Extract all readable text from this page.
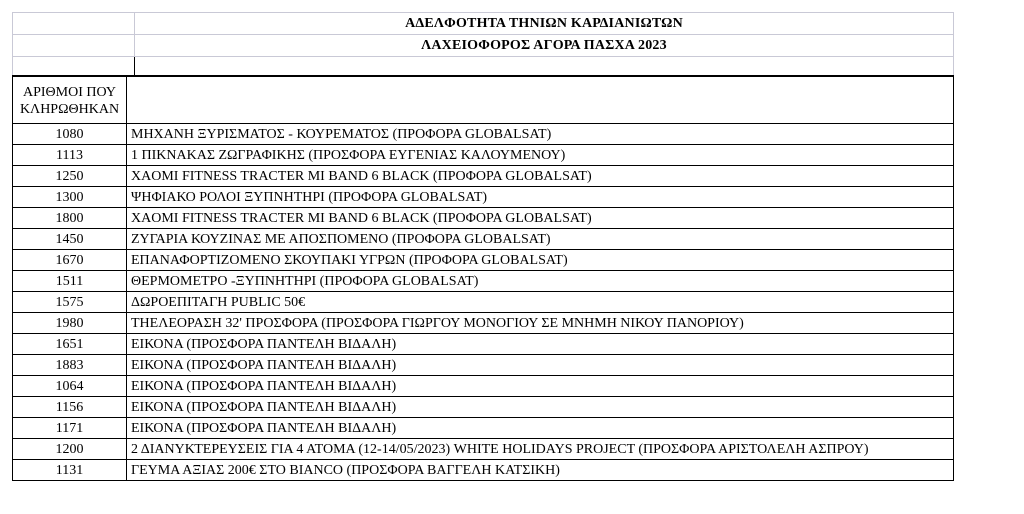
ΑΔΕΛΦΟΤΗΤΑ ΤΗΝΙΩΝ ΚΑΡΔΙΑΝΙΩΤΩΝ
ΛΑΧΕΙΟΦΟΡΟΣ ΑΓΟΡΑ ΠΑΣΧΑ 2023
ΑΡΙΘΜΟΙ ΠΟΥ
ΚΛΗΡΩΘΗΚΑΝ	

1080	ΜΗΧΑΝΗ ΞΥΡΙΣΜΑΤΟΣ - ΚΟΥΡΕΜΑΤΟΣ (ΠΡΟΦΟΡΑ GLOBALSAT)
1113	1 ΠΙΚΝΑΚΑΣ ΖΩΓΡΑΦΙΚΗΣ (ΠΡΟΣΦΟΡΑ ΕΥΓΕΝΙΑΣ ΚΑΛΟΥΜΕΝΟΥ)
1250	XAOMI FITNESS TRACTER MI BAND 6 BLACK (ΠΡΟΦΟΡΑ GLOBALSAT)
1300	ΨΗΦΙΑΚΟ ΡΟΛΟΙ ΞΥΠΝΗΤΗΡΙ (ΠΡΟΦΟΡΑ GLOBALSAT)
1800	XAOMI FITNESS TRACTER MI BAND 6 BLACK (ΠΡΟΦΟΡΑ GLOBALSAT)
1450	ΖΥΓΑΡΙΑ ΚΟΥΖΙΝΑΣ ΜΕ ΑΠΟΣΠΟΜΕΝΟ (ΠΡΟΦΟΡΑ GLOBALSAT)
1670	ΕΠΑΝΑΦΟΡΤΙΖΟΜΕΝΟ ΣΚΟΥΠΑΚΙ ΥΓΡΩΝ (ΠΡΟΦΟΡΑ GLOBALSAT)
1511	ΘΕΡΜΟΜΕΤΡΟ -ΞΥΠΝΗΤΗΡΙ (ΠΡΟΦΟΡΑ GLOBALSAT)
1575	ΔΩΡΟΕΠΙΤΑΓΗ PUBLIC 50€
1980	ΤΗΕΛΕΟΡΑΣΗ 32' ΠΡΟΣΦΟΡΑ (ΠΡΟΣΦΟΡΑ ΓΙΩΡΓΟΥ ΜΟΝΟΓΙΟΥ ΣΕ ΜΝΗΜΗ ΝΙΚΟΥ ΠΑΝΟΡΙΟΥ)
1651	ΕΙΚΟΝΑ (ΠΡΟΣΦΟΡΑ ΠΑΝΤΕΛΗ ΒΙΔΑΛΗ)
1883	ΕΙΚΟΝΑ (ΠΡΟΣΦΟΡΑ ΠΑΝΤΕΛΗ ΒΙΔΑΛΗ)
1064	ΕΙΚΟΝΑ (ΠΡΟΣΦΟΡΑ ΠΑΝΤΕΛΗ ΒΙΔΑΛΗ)
1156	ΕΙΚΟΝΑ (ΠΡΟΣΦΟΡΑ ΠΑΝΤΕΛΗ ΒΙΔΑΛΗ)
1171	ΕΙΚΟΝΑ (ΠΡΟΣΦΟΡΑ ΠΑΝΤΕΛΗ ΒΙΔΑΛΗ)
1200	2 ΔΙΑΝΥΚΤΕΡΕΥΣΕΙΣ ΓΙΑ 4 ΑΤΟΜΑ (12-14/05/2023) WHITE HOLIDAYS PROJECT (ΠΡΟΣΦΟΡΑ ΑΡΙΣΤΟΛΕΛΗ ΑΣΠΡΟΥ)
1131	ΓΕΥΜΑ ΑΞΙΑΣ 200€ ΣΤΟ BIANCO (ΠΡΟΣΦΟΡΑ ΒΑΓΓΕΛΗ ΚΑΤΣΙΚΗ)
